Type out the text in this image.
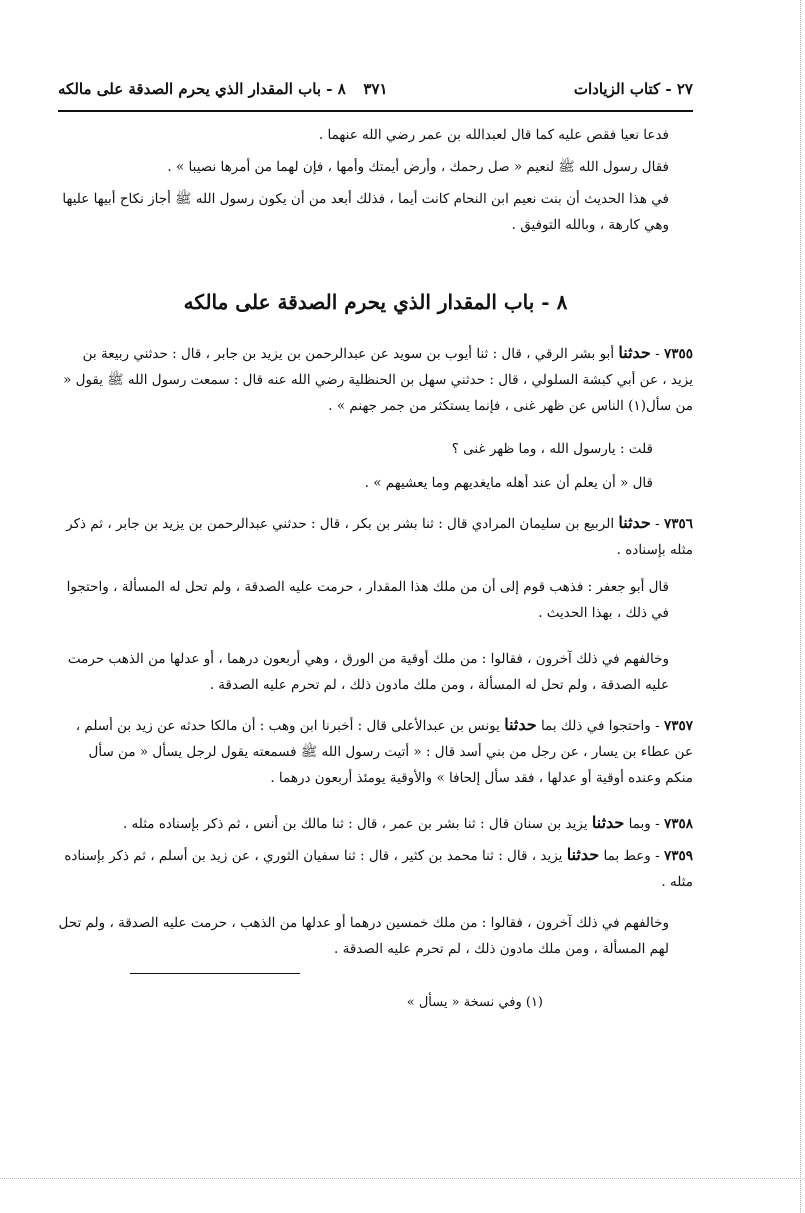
٢٧ - كتاب الزيادات
٣٧١
٨ - باب المقدار الذي يحرم الصدقة على مالكه

فدعا نعيا فقص عليه كما قال لعبدالله بن عمر رضي الله عنهما .

فقال رسول الله ﷺ لنعيم « صل رحمك ، وأرض أيمتك وأمها ، فإن لهما من أمرها نصيبا » .

في هذا الحديث أن بنت نعيم ابن النحام كانت أيما ، فذلك أبعد من أن يكون رسول الله ﷺ أجاز نكاح أبيها عليها وهي كارهة ، وبالله التوفيق .

٨ - باب المقدار الذي يحرم الصدقة على مالكه

٧٣٥٥ - حدثنا أبو بشر الرقي ، قال : ثنا أيوب بن سويد عن عبدالرحمن بن يزيد بن جابر ، قال : حدثني ربيعة بن يزيد ، عن أبي كبشة السلولي ، قال : حدثني سهل بن الحنظلية رضي الله عنه قال : سمعت رسول الله ﷺ يقول « من سأل(١) الناس عن ظهر غنى ، فإنما يستكثر من جمر جهنم » .

قلت : يارسول الله ، وما ظهر غنى ؟

قال « أن يعلم أن عند أهله مايغديهم وما يعشيهم » .

٧٣٥٦ - حدثنا الربيع بن سليمان المرادي قال : ثنا بشر بن بكر ، قال : حدثني عبدالرحمن بن يزيد بن جابر ، ثم ذكر مثله بإسناده .

قال أبو جعفر : فذهب قوم إلى أن من ملك هذا المقدار ، حرمت عليه الصدقة ، ولم تحل له المسألة ، واحتجوا في ذلك ، بهذا الحديث .

وخالفهم في ذلك آخرون ، فقالوا : من ملك أوقية من الورق ، وهي أربعون درهما ، أو عدلها من الذهب حرمت عليه الصدقة ، ولم تحل له المسألة ، ومن ملك مادون ذلك ، لم تحرم عليه الصدقة .

٧٣٥٧ - واحتجوا في ذلك بما حدثنا يونس بن عبدالأعلى قال : أخبرنا ابن وهب : أن مالكا حدثه عن زيد بن أسلم ، عن عطاء بن يسار ، عن رجل من بني أسد قال : « أتيت رسول الله ﷺ فسمعته يقول لرجل يسأل « من سأل منكم وعنده أوقية أو عدلها ، فقد سأل إلحافا » والأوقية يومئذ أربعون درهما .

٧٣٥٨ - وبما حدثنا يزيد بن سنان قال : ثنا بشر بن عمر ، قال : ثنا مالك بن أنس ، ثم ذكر بإسناده مثله .

٧٣٥٩ - وعط بما حدثنا يزيد ، قال : ثنا محمد بن كثير ، قال : ثنا سفيان الثوري ، عن زيد بن أسلم ، ثم ذكر بإسناده مثله .

وخالفهم في ذلك آخرون ، فقالوا : من ملك خمسين درهما أو عدلها من الذهب ، حرمت عليه الصدقة ، ولم تحل لهم المسألة ، ومن ملك مادون ذلك ، لم تحرم عليه الصدقة .

(١) وفي نسخة « يسأل »
